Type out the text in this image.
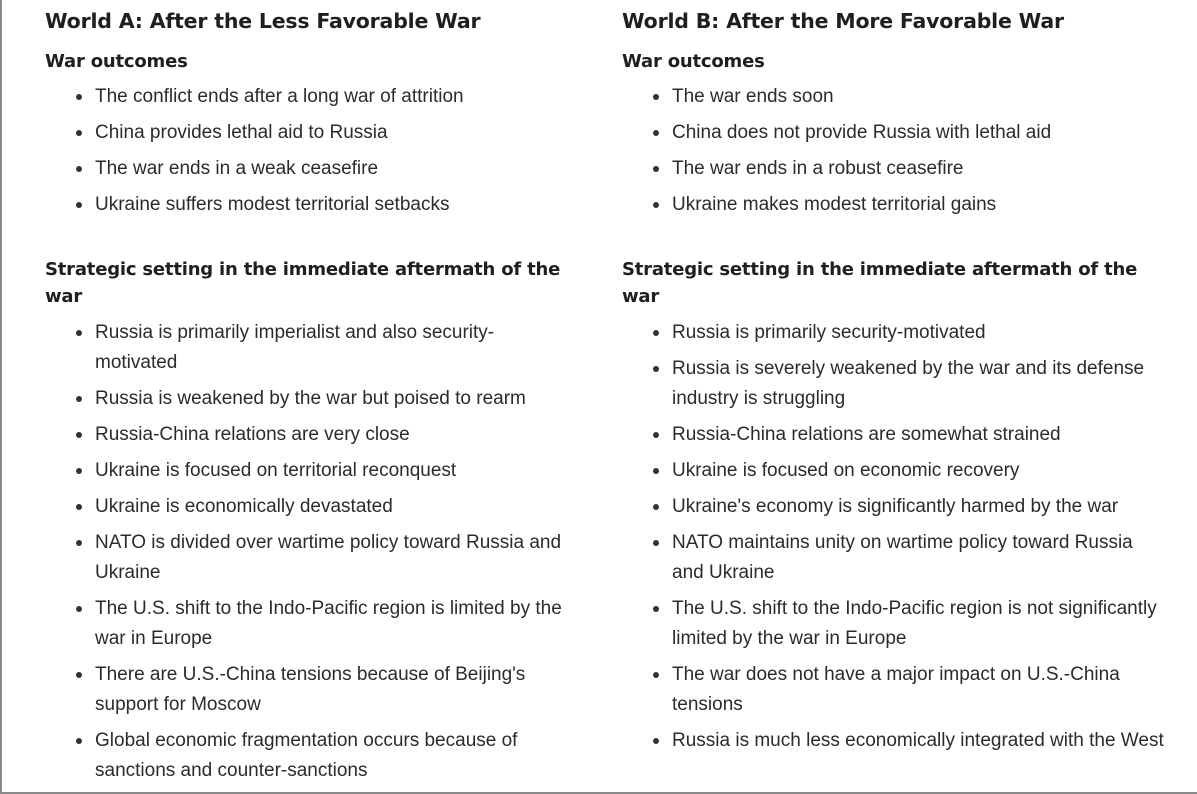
World A: After the Less Favorable War
War outcomes
The conflict ends after a long war of attrition
China provides lethal aid to Russia
The war ends in a weak ceasefire
Ukraine suffers modest territorial setbacks
Strategic setting in the immediate aftermath of the war
Russia is primarily imperialist and also security-motivated
Russia is weakened by the war but poised to rearm
Russia-China relations are very close
Ukraine is focused on territorial reconquest
Ukraine is economically devastated
NATO is divided over wartime policy toward Russia and Ukraine
The U.S. shift to the Indo-Pacific region is limited by the war in Europe
There are U.S.-China tensions because of Beijing's support for Moscow
Global economic fragmentation occurs because of sanctions and counter-sanctions
World B: After the More Favorable War
War outcomes
The war ends soon
China does not provide Russia with lethal aid
The war ends in a robust ceasefire
Ukraine makes modest territorial gains
Strategic setting in the immediate aftermath of the war
Russia is primarily security-motivated
Russia is severely weakened by the war and its defense industry is struggling
Russia-China relations are somewhat strained
Ukraine is focused on economic recovery
Ukraine's economy is significantly harmed by the war
NATO maintains unity on wartime policy toward Russia and Ukraine
The U.S. shift to the Indo-Pacific region is not significantly limited by the war in Europe
The war does not have a major impact on U.S.-China tensions
Russia is much less economically integrated with the West
